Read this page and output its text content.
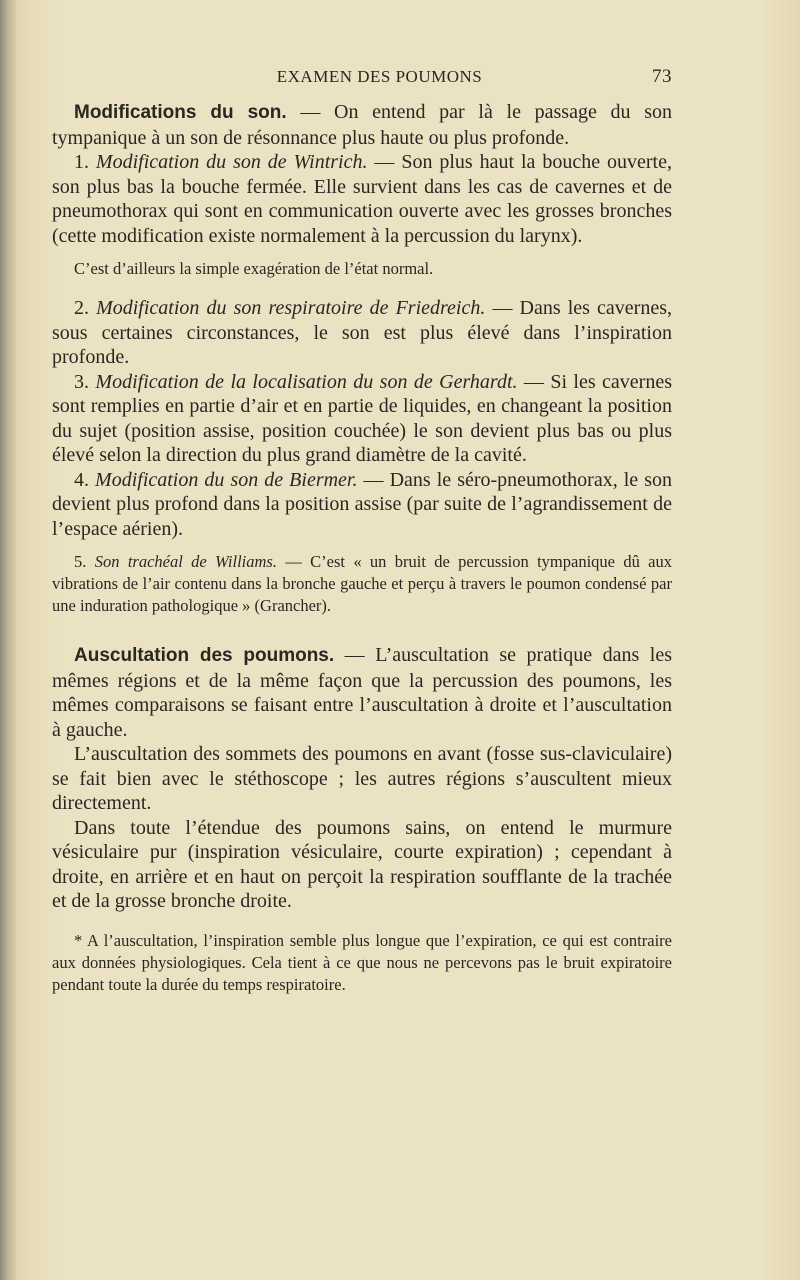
EXAMEN DES POUMONS	73

Modifications du son. — On entend par là le passage du son tympanique à un son de résonnance plus haute ou plus profonde.

1. Modification du son de Wintrich. — Son plus haut la bouche ouverte, son plus bas la bouche fermée. Elle survient dans les cas de cavernes et de pneumothorax qui sont en communication ouverte avec les grosses bronches (cette modification existe normalement à la percussion du larynx).

C’est d’ailleurs la simple exagération de l’état normal.

2. Modification du son respiratoire de Friedreich. — Dans les cavernes, sous certaines circonstances, le son est plus élevé dans l’inspiration profonde.

3. Modification de la localisation du son de Gerhardt. — Si les cavernes sont remplies en partie d’air et en partie de liquides, en changeant la position du sujet (position assise, position couchée) le son devient plus bas ou plus élevé selon la direction du plus grand diamètre de la cavité.

4. Modification du son de Biermer. — Dans le séro-pneumothorax, le son devient plus profond dans la position assise (par suite de l’agrandissement de l’espace aérien).

5. Son trachéal de Williams. — C’est « un bruit de percussion tympanique dû aux vibrations de l’air contenu dans la bronche gauche et perçu à travers le poumon condensé par une induration pathologique » (Grancher).

Auscultation des poumons. — L’auscultation se pratique dans les mêmes régions et de la même façon que la percussion des poumons, les mêmes comparaisons se faisant entre l’auscultation à droite et l’auscultation à gauche.

L’auscultation des sommets des poumons en avant (fosse sus-claviculaire) se fait bien avec le stéthoscope ; les autres régions s’auscultent mieux directement.

Dans toute l’étendue des poumons sains, on entend le murmure vésiculaire pur (inspiration vésiculaire, courte expiration) ; cependant à droite, en arrière et en haut on perçoit la respiration soufflante de la trachée et de la grosse bronche droite.

* A l’auscultation, l’inspiration semble plus longue que l’expiration, ce qui est contraire aux données physiologiques. Cela tient à ce que nous ne percevons pas le bruit expiratoire pendant toute la durée du temps respiratoire.
